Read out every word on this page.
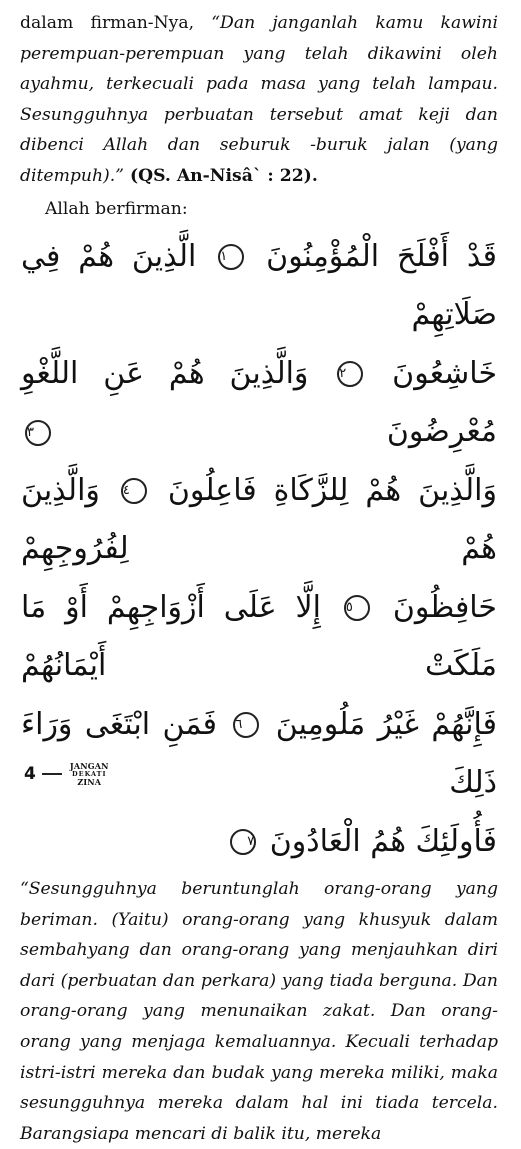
dalam firman-Nya, “Dan janganlah kamu kawini perempuan-perempuan yang telah dikawini oleh ayahmu, terkecuali pada masa yang telah lampau. Sesungguhnya perbuatan tersebut amat keji dan dibenci Allah dan seburuk -buruk jalan (yang ditempuh).” (QS. An-Nisâ` : 22).

Allah berfirman:

قَدْ أَفْلَحَ الْمُؤْمِنُونَ ١ الَّذِينَ هُمْ فِي صَلَاتِهِمْ
خَاشِعُونَ ٢ وَالَّذِينَ هُمْ عَنِ اللَّغْوِ مُعْرِضُونَ ٣
وَالَّذِينَ هُمْ لِلزَّكَاةِ فَاعِلُونَ ٤ وَالَّذِينَ هُمْ لِفُرُوجِهِمْ
حَافِظُونَ ٥ إِلَّا عَلَى أَزْوَاجِهِمْ أَوْ مَا مَلَكَتْ أَيْمَانُهُمْ
فَإِنَّهُمْ غَيْرُ مَلُومِينَ ٦ فَمَنِ ابْتَغَى وَرَاءَ ذَلِكَ
فَأُولَئِكَ هُمُ الْعَادُونَ ٧

“Sesungguhnya beruntunglah orang-orang yang beriman. (Yaitu) orang-orang yang khusyuk dalam sembahyang dan orang-orang yang menjauhkan diri dari (perbuatan dan perkara) yang tiada berguna. Dan orang-orang yang menunaikan zakat. Dan orang-orang yang menjaga kemaluannya. Kecuali terhadap istri-istri mereka dan budak yang mereka miliki, maka sesungguhnya mereka dalam hal ini tiada tercela. Barangsiapa mencari di balik itu, mereka

4	JANGAN
DEKATI
ZINA
